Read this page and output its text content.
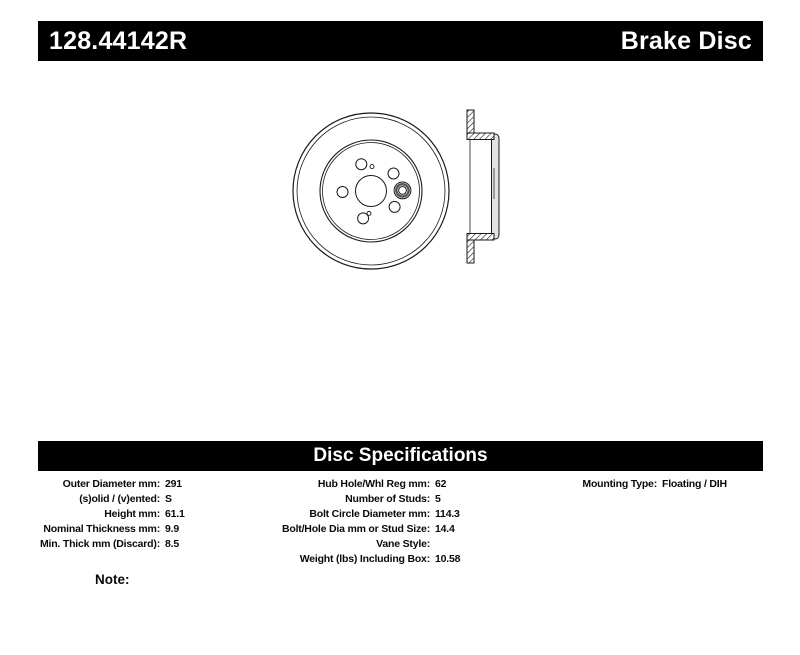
128.44142R	Brake Disc
Disc Specifications
Outer Diameter mm: 291
(s)olid / (v)ented: S
Height mm: 61.1
Nominal Thickness mm: 9.9
Min. Thick mm (Discard): 8.5
Hub Hole/Whl Reg mm: 62
Number of Studs: 5
Bolt Circle Diameter mm: 114.3
Bolt/Hole Dia mm or Stud Size: 14.4
Vane Style:
Weight (lbs) Including Box: 10.58
Mounting Type: Floating / DIH
Note:
